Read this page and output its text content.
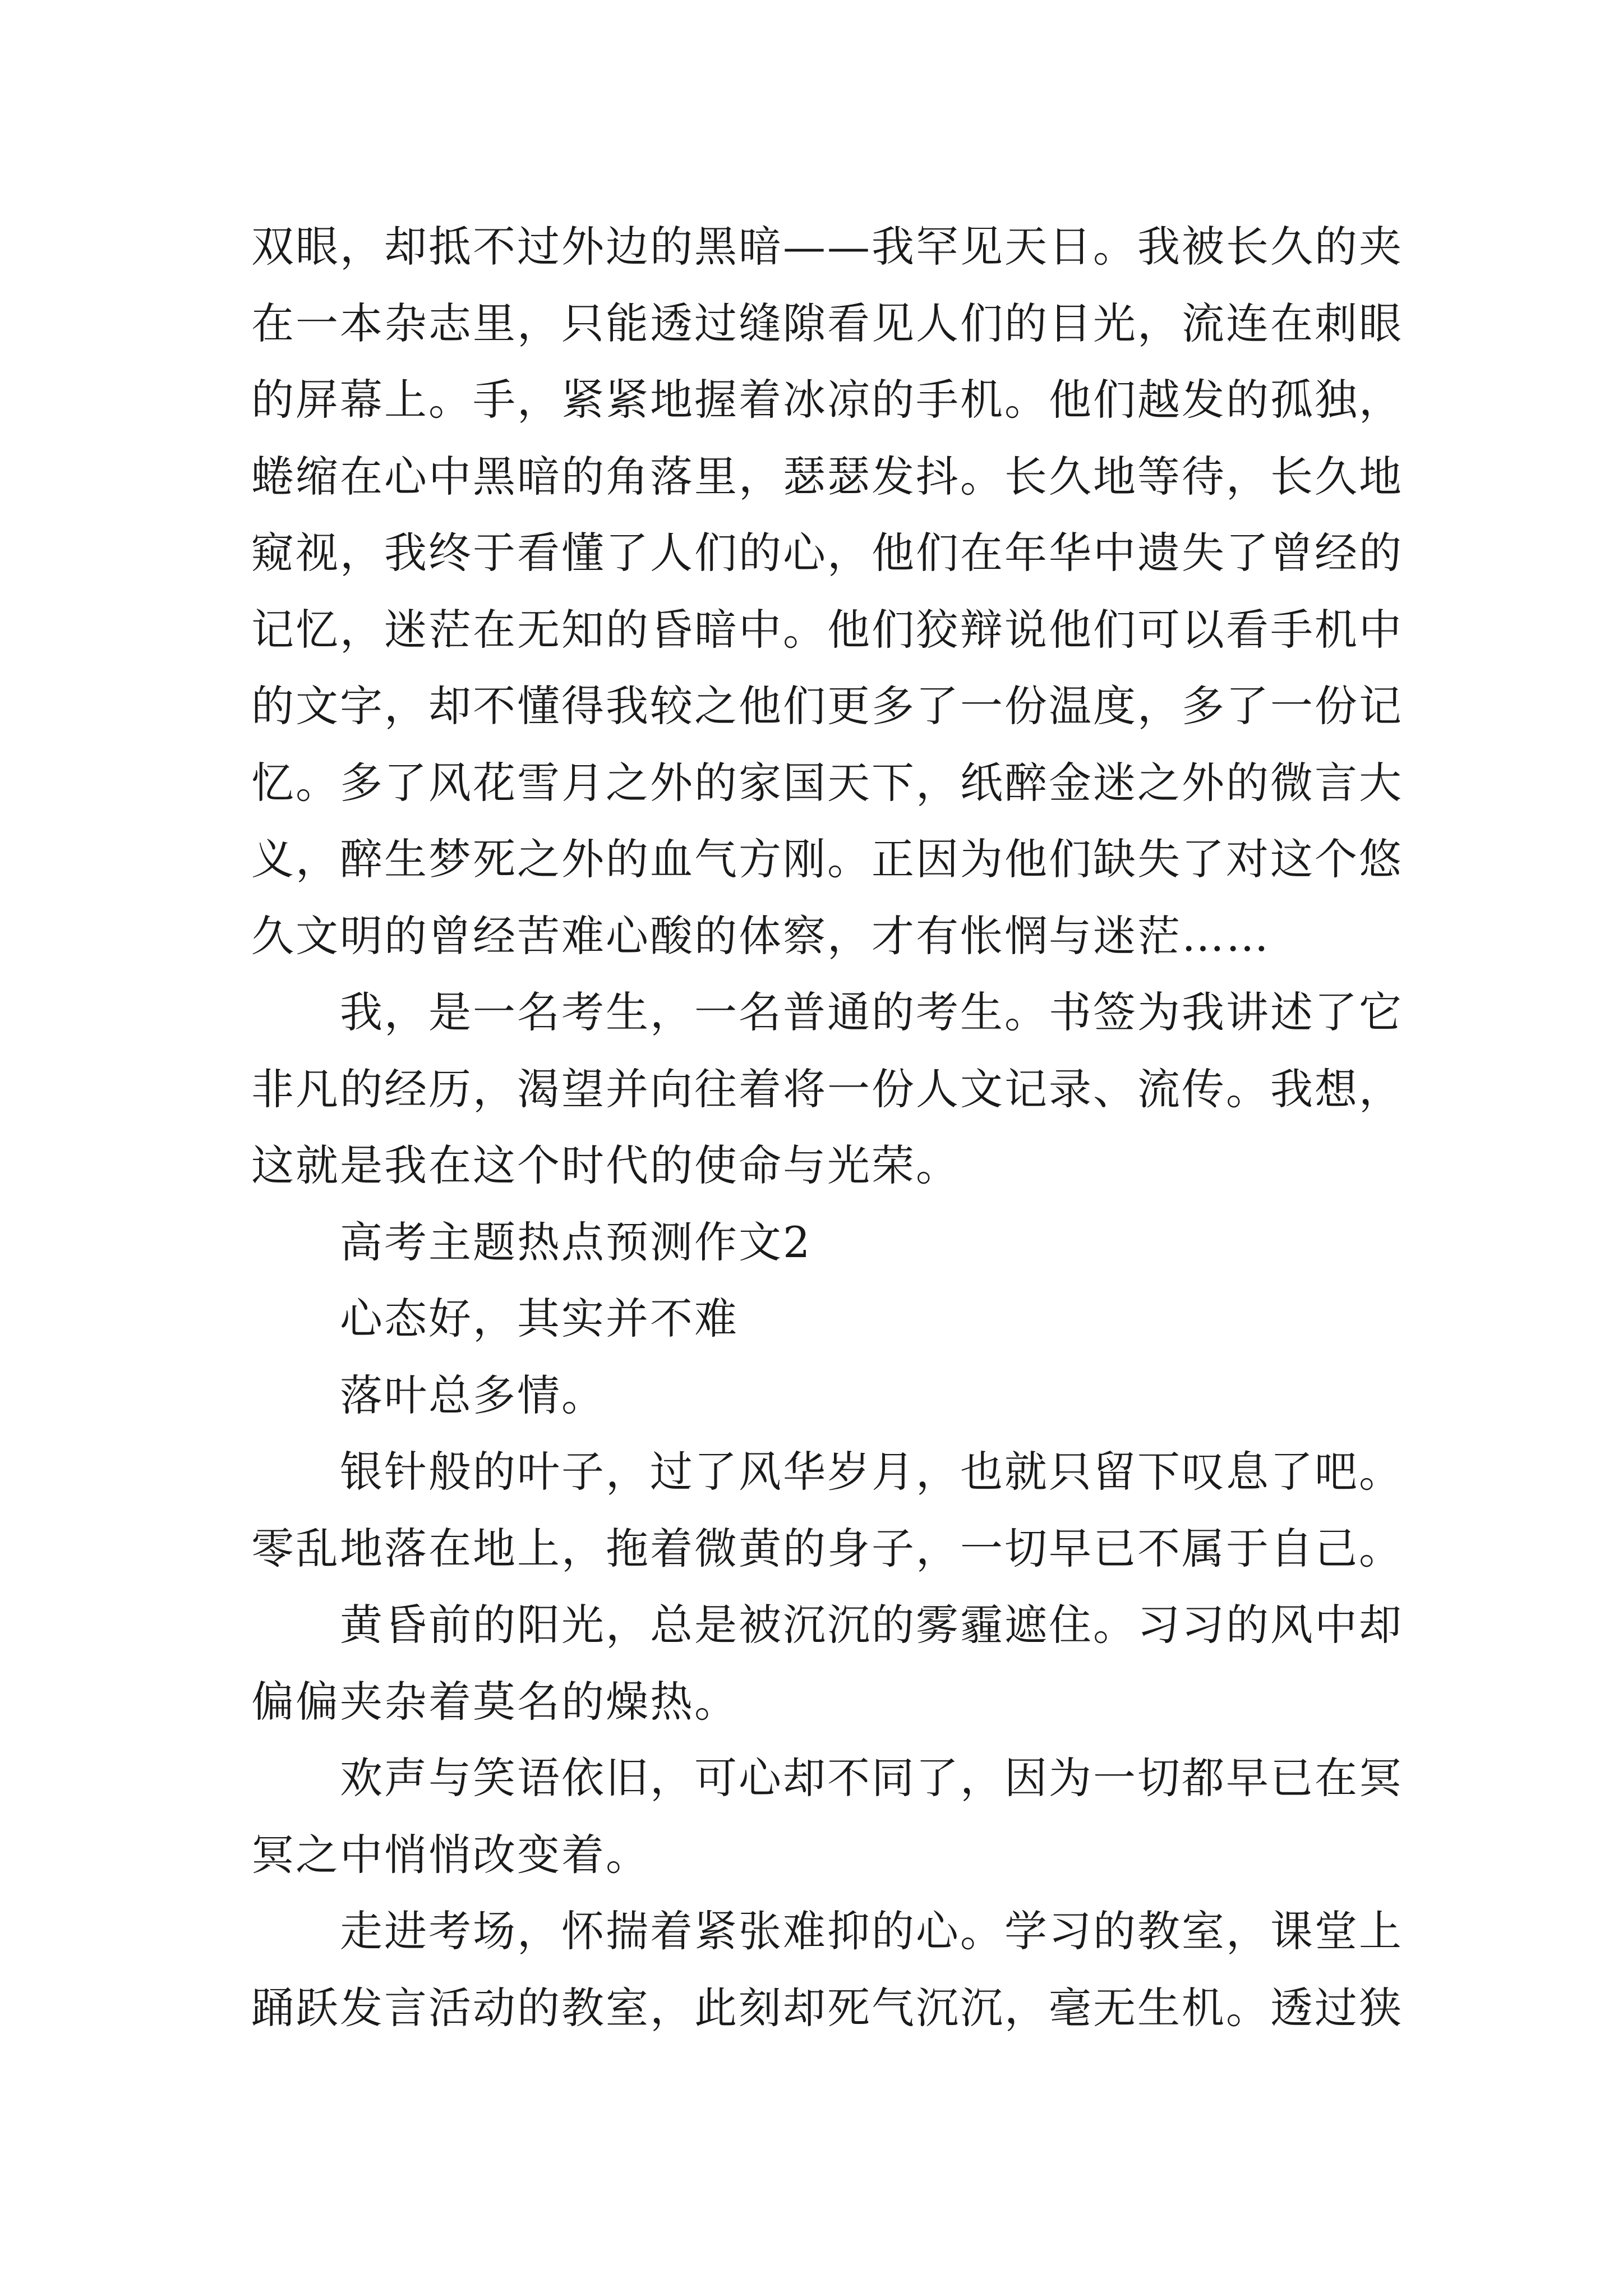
双眼，却抵不过外边的黑暗——我罕见天日。我被长久的夹
在一本杂志里，只能透过缝隙看见人们的目光，流连在刺眼
的屏幕上。手，紧紧地握着冰凉的手机。他们越发的孤独，
蜷缩在心中黑暗的角落里，瑟瑟发抖。长久地等待，长久地
窥视，我终于看懂了人们的心，他们在年华中遗失了曾经的
记忆，迷茫在无知的昏暗中。他们狡辩说他们可以看手机中
的文字，却不懂得我较之他们更多了一份温度，多了一份记
忆。多了风花雪月之外的家国天下，纸醉金迷之外的微言大
义，醉生梦死之外的血气方刚。正因为他们缺失了对这个悠
久文明的曾经苦难心酸的体察，才有怅惘与迷茫……
我，是一名考生，一名普通的考生。书签为我讲述了它
非凡的经历，渴望并向往着将一份人文记录、流传。我想，
这就是我在这个时代的使命与光荣。
高考主题热点预测作文2
心态好，其实并不难
落叶总多情。
银针般的叶子，过了风华岁月，也就只留下叹息了吧。
零乱地落在地上，拖着微黄的身子，一切早已不属于自己。
黄昏前的阳光，总是被沉沉的雾霾遮住。习习的风中却
偏偏夹杂着莫名的燥热。
欢声与笑语依旧，可心却不同了，因为一切都早已在冥
冥之中悄悄改变着。
走进考场，怀揣着紧张难抑的心。学习的教室，课堂上
踊跃发言活动的教室，此刻却死气沉沉，毫无生机。透过狭
